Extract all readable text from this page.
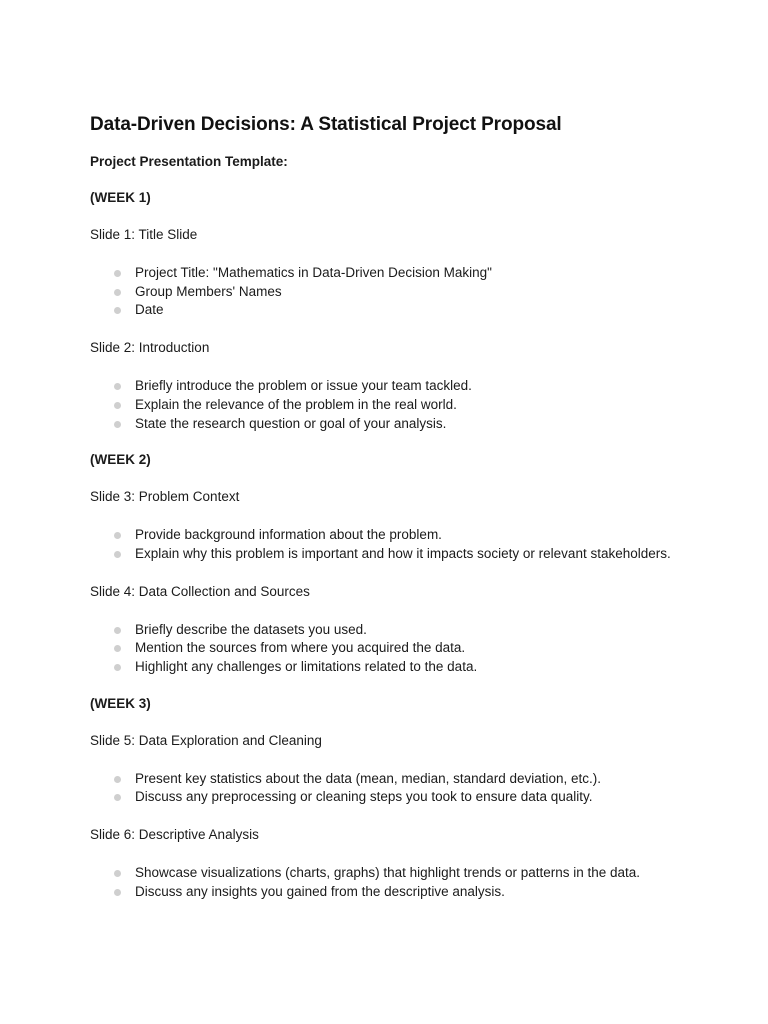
Data-Driven Decisions: A Statistical Project Proposal

Project Presentation Template:

(WEEK 1)

Slide 1: Title Slide

Project Title: "Mathematics in Data-Driven Decision Making"
Group Members' Names
Date

Slide 2: Introduction

Briefly introduce the problem or issue your team tackled.
Explain the relevance of the problem in the real world.
State the research question or goal of your analysis.

(WEEK 2)

Slide 3: Problem Context

Provide background information about the problem.
Explain why this problem is important and how it impacts society or relevant stakeholders.

Slide 4: Data Collection and Sources

Briefly describe the datasets you used.
Mention the sources from where you acquired the data.
Highlight any challenges or limitations related to the data.

(WEEK 3)

Slide 5: Data Exploration and Cleaning

Present key statistics about the data (mean, median, standard deviation, etc.).
Discuss any preprocessing or cleaning steps you took to ensure data quality.

Slide 6: Descriptive Analysis

Showcase visualizations (charts, graphs) that highlight trends or patterns in the data.
Discuss any insights you gained from the descriptive analysis.
